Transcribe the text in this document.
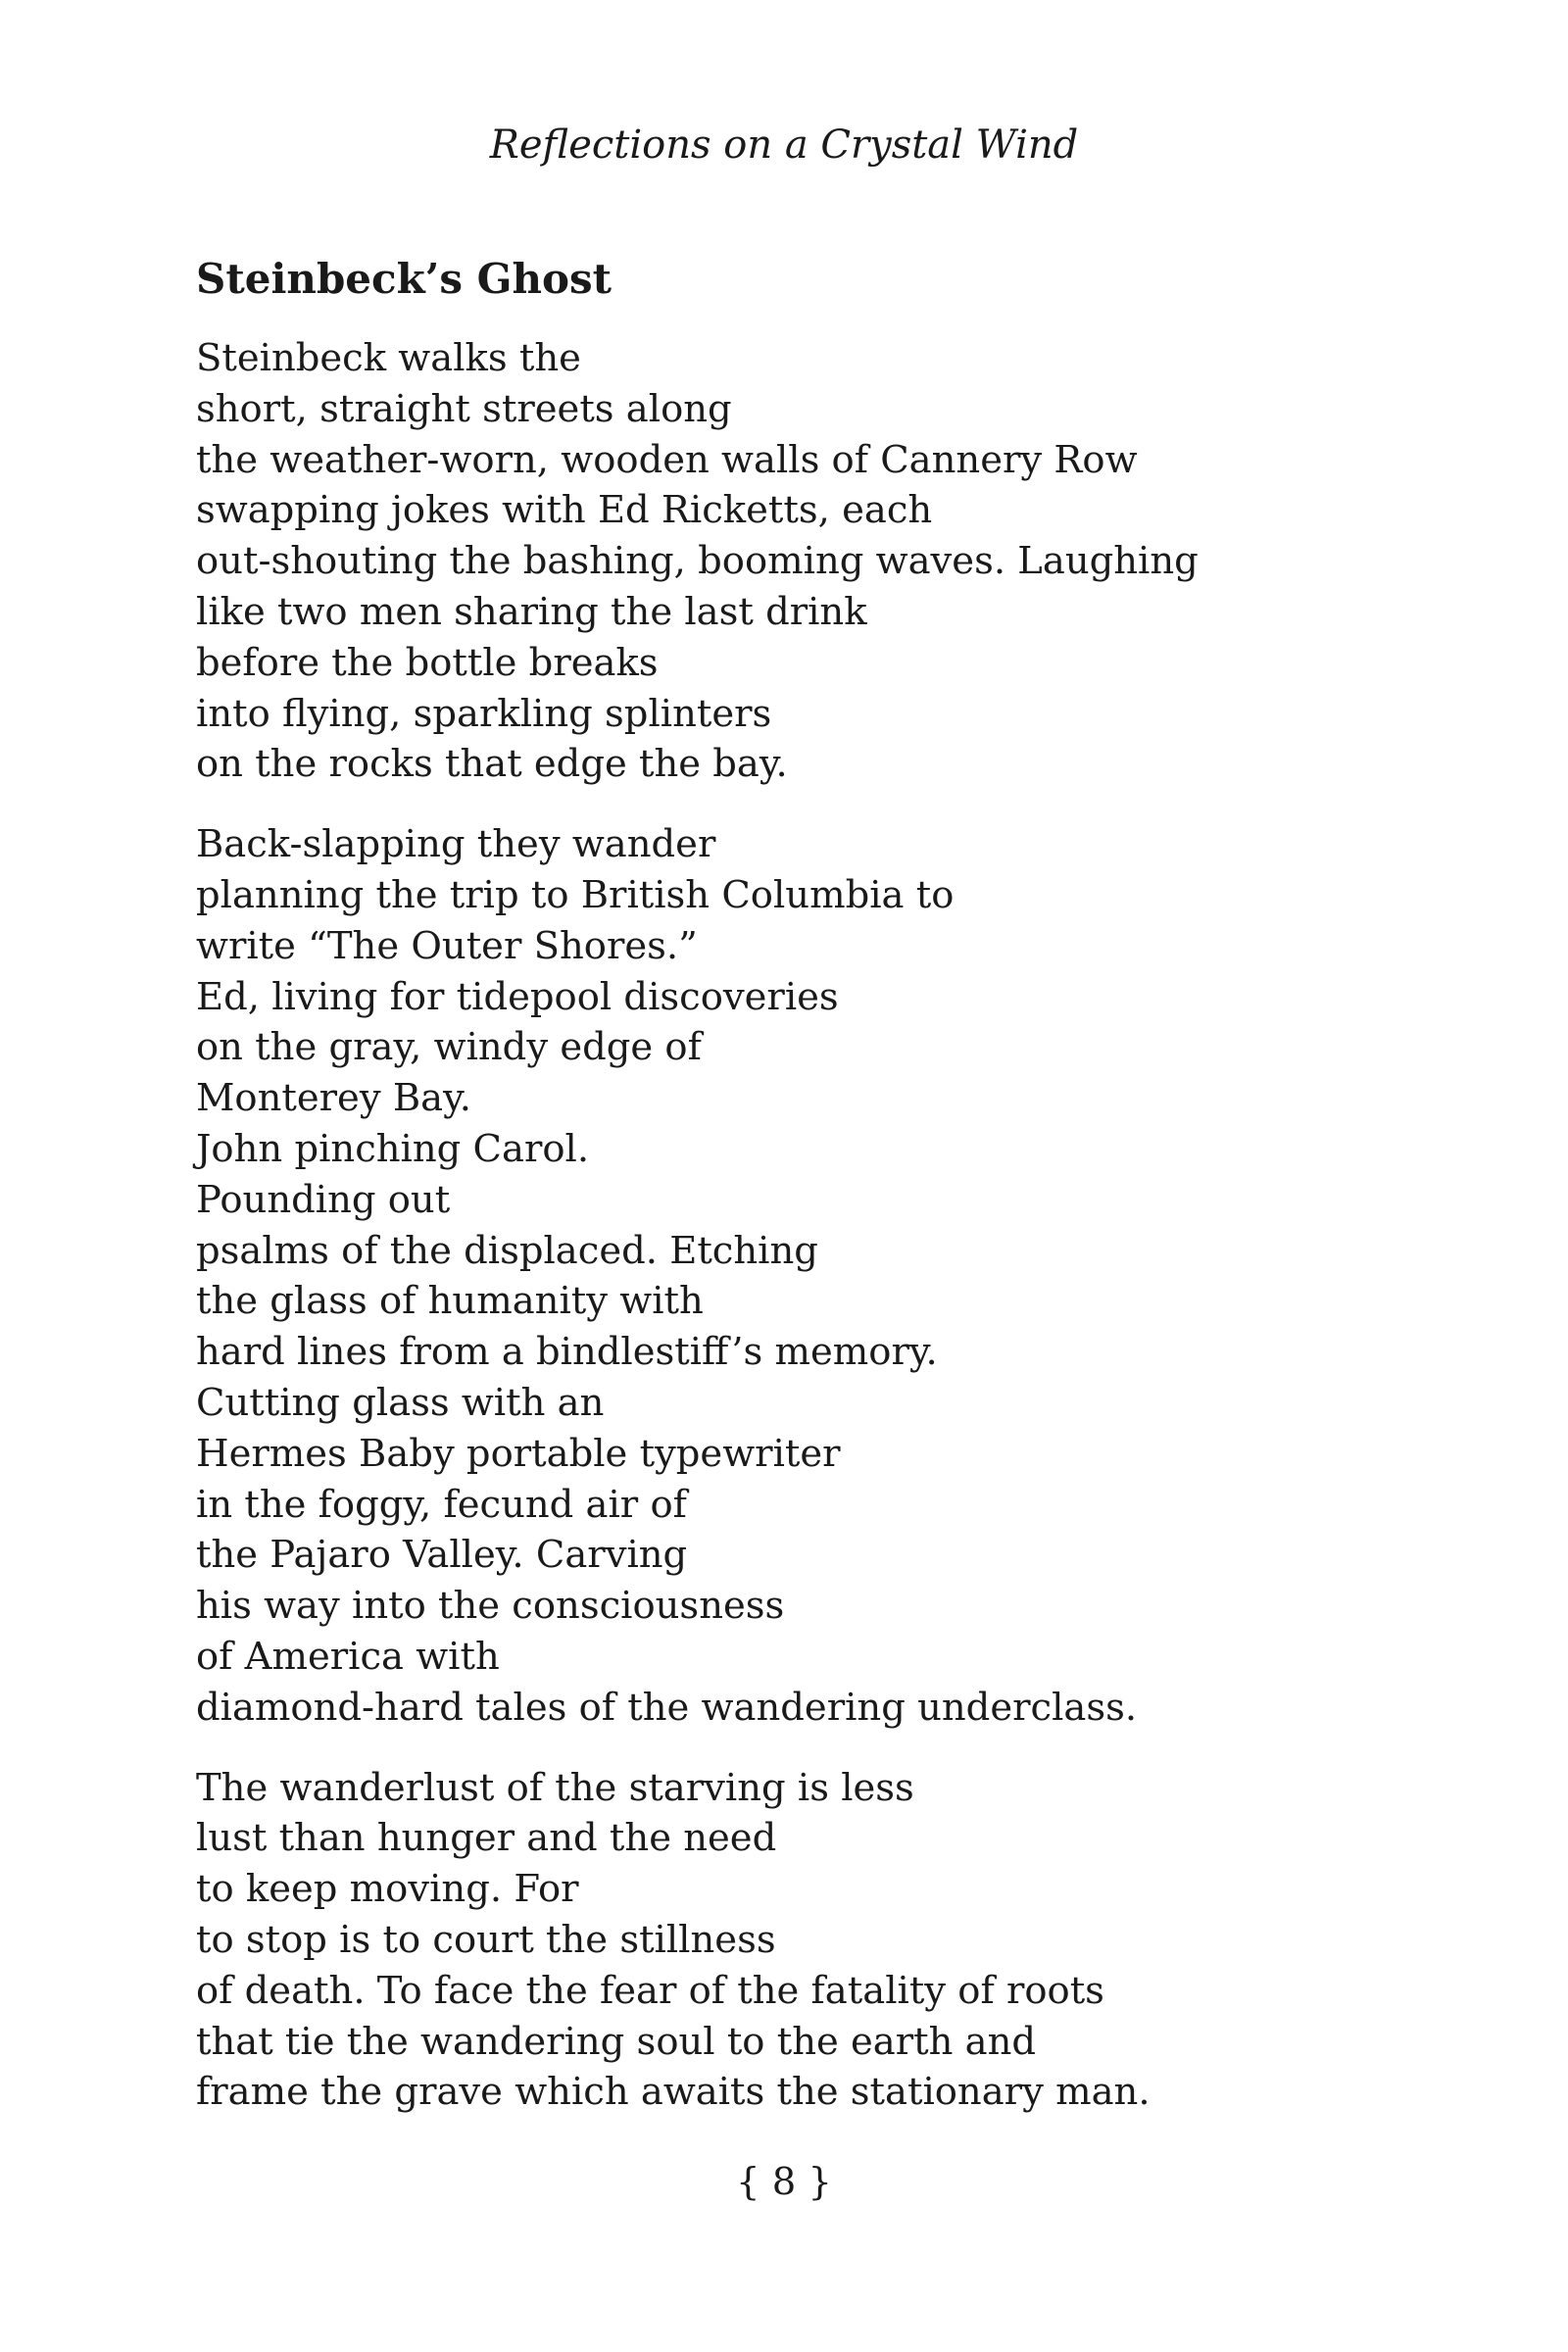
Reflections on a Crystal Wind
Steinbeck’s Ghost
Steinbeck walks the
short, straight streets along
the weather-worn, wooden walls of Cannery Row
swapping jokes with Ed Ricketts, each
out-shouting the bashing, booming waves. Laughing
like two men sharing the last drink
before the bottle breaks
into flying, sparkling splinters
on the rocks that edge the bay.
Back-slapping they wander
planning the trip to British Columbia to
write “The Outer Shores.”
Ed, living for tidepool discoveries
on the gray, windy edge of
Monterey Bay.
John pinching Carol.
Pounding out
psalms of the displaced. Etching
the glass of humanity with
hard lines from a bindlestiff’s memory.
Cutting glass with an
Hermes Baby portable typewriter
in the foggy, fecund air of
the Pajaro Valley. Carving
his way into the consciousness
of America with
diamond-hard tales of the wandering underclass.
The wanderlust of the starving is less
lust than hunger and the need
to keep moving. For
to stop is to court the stillness
of death. To face the fear of the fatality of roots
that tie the wandering soul to the earth and
frame the grave which awaits the stationary man.
{ 8 }
